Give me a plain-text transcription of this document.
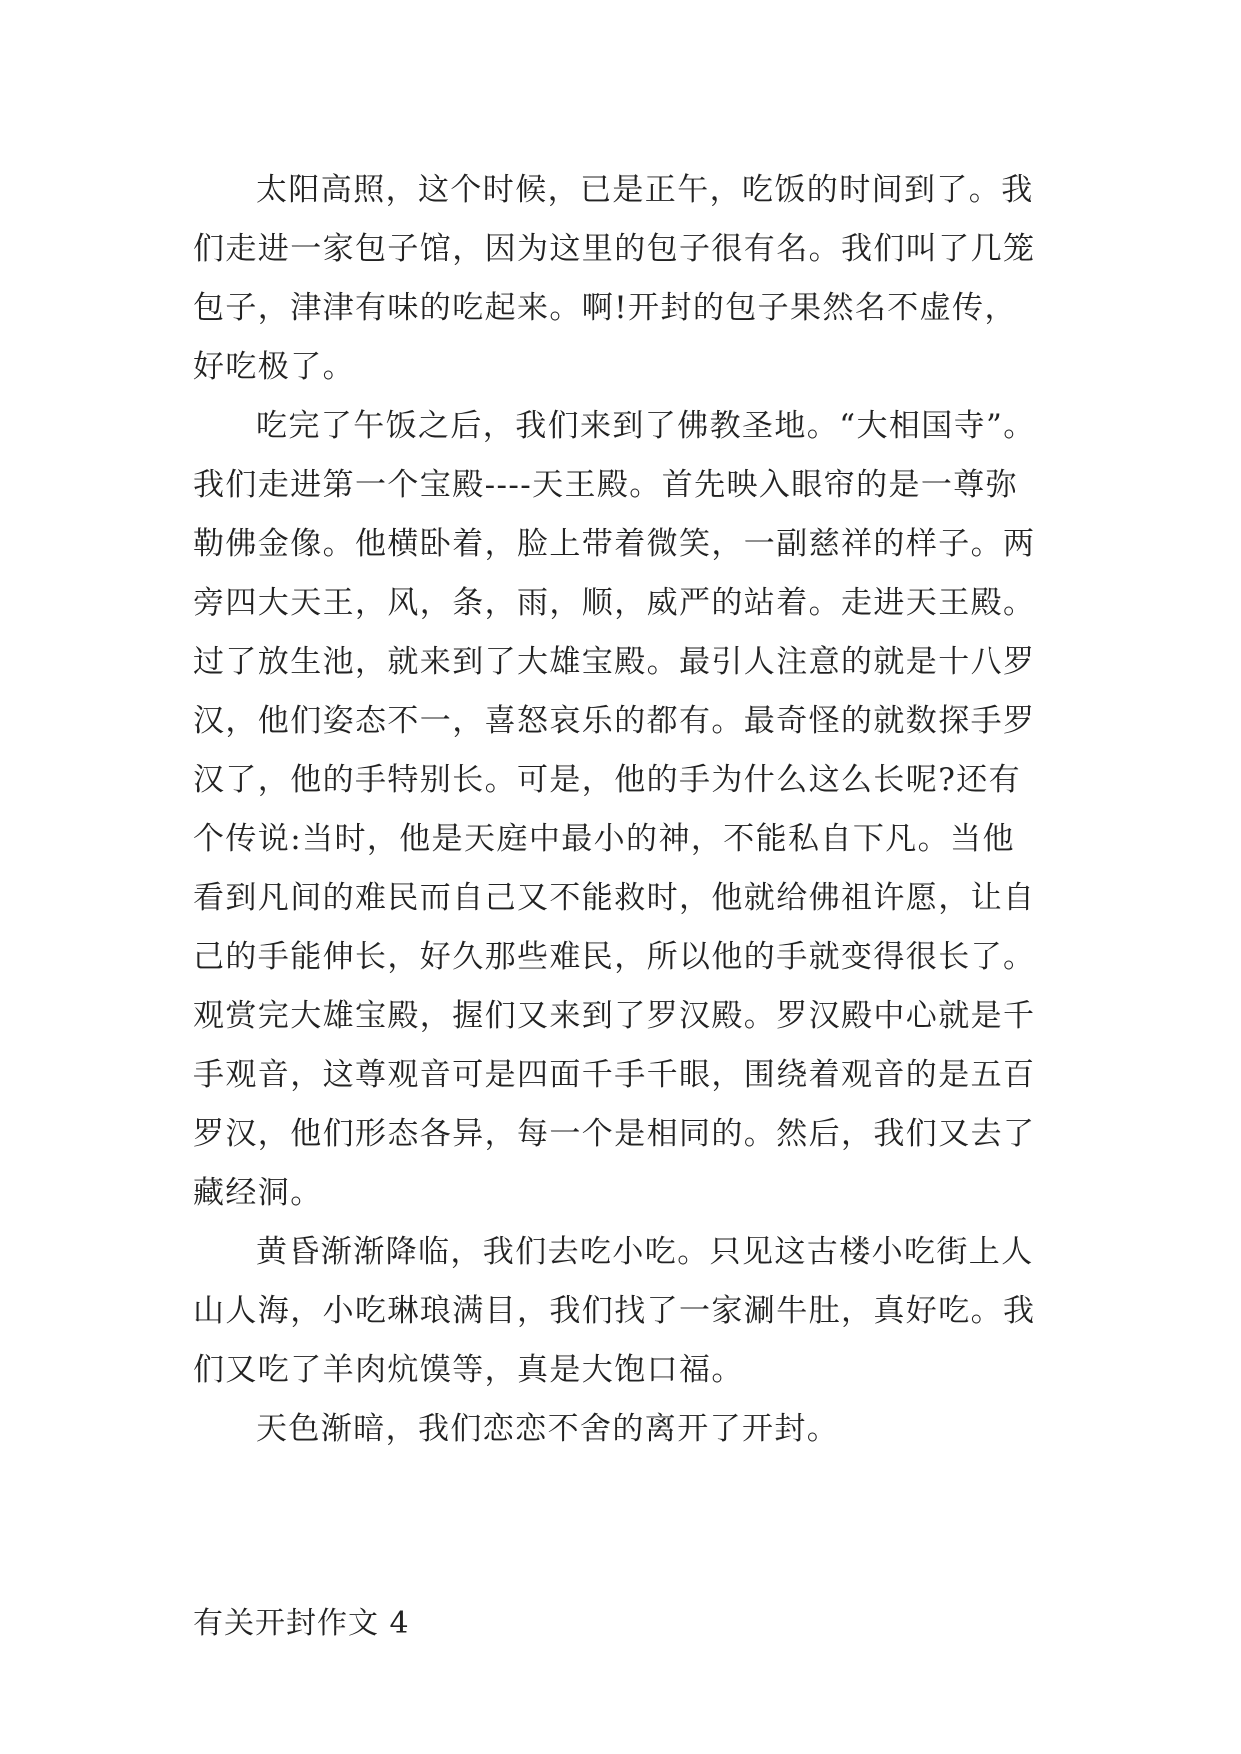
太阳高照，这个时候，已是正午，吃饭的时间到了。我
们走进一家包子馆，因为这里的包子很有名。我们叫了几笼
包子，津津有味的吃起来。啊!开封的包子果然名不虚传，
好吃极了。
吃完了午饭之后，我们来到了佛教圣地。“大相国寺”。
我们走进第一个宝殿----天王殿。首先映入眼帘的是一尊弥
勒佛金像。他横卧着，脸上带着微笑，一副慈祥的样子。两
旁四大天王，风，条，雨，顺，威严的站着。走进天王殿。
过了放生池，就来到了大雄宝殿。最引人注意的就是十八罗
汉，他们姿态不一，喜怒哀乐的都有。最奇怪的就数探手罗
汉了，他的手特别长。可是，他的手为什么这么长呢?还有
个传说:当时，他是天庭中最小的神，不能私自下凡。当他
看到凡间的难民而自己又不能救时，他就给佛祖许愿，让自
己的手能伸长，好久那些难民，所以他的手就变得很长了。
观赏完大雄宝殿，握们又来到了罗汉殿。罗汉殿中心就是千
手观音，这尊观音可是四面千手千眼，围绕着观音的是五百
罗汉，他们形态各异，每一个是相同的。然后，我们又去了
藏经洞。
黄昏渐渐降临，我们去吃小吃。只见这古楼小吃街上人
山人海，小吃琳琅满目，我们找了一家涮牛肚，真好吃。我
们又吃了羊肉炕馍等，真是大饱口福。
天色渐暗，我们恋恋不舍的离开了开封。
有关开封作文 4
